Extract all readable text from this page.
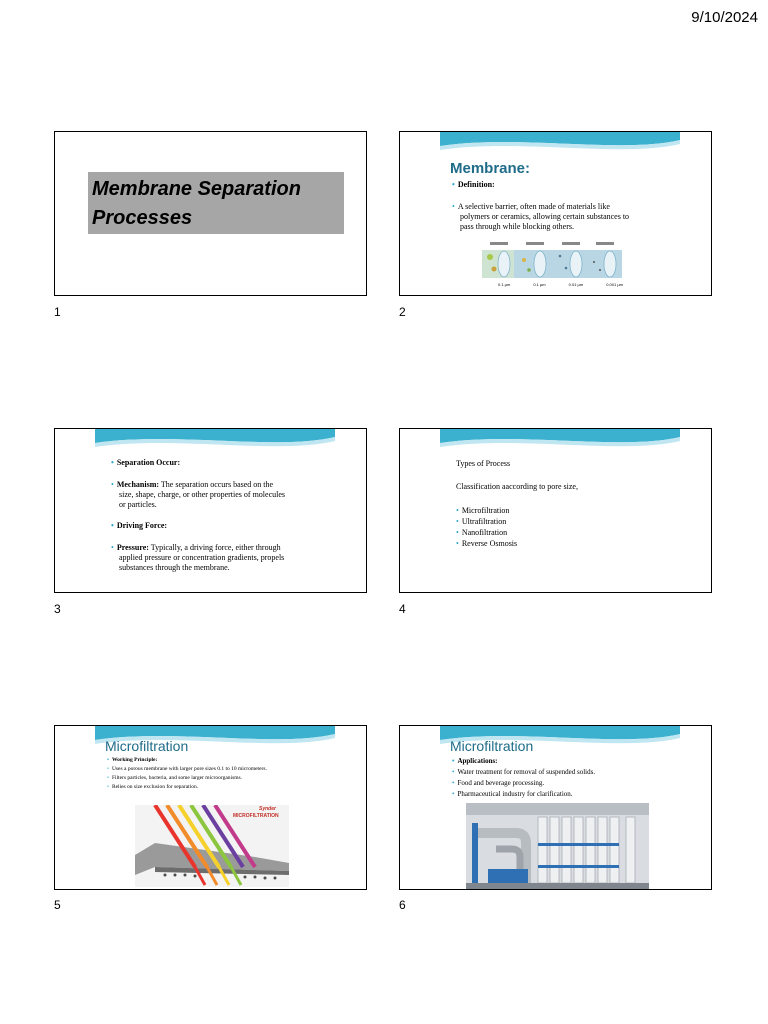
9/10/2024
Membrane Separation
Processes
1
Membrane:
• Definition:
• A selective barrier, often made of materials like
polymers or ceramics, allowing certain substances to
pass through while blocking others.
0.1 µm	0.1 µm	0.01 µm	0.001 µm
2
• Separation Occur:
• Mechanism: The separation occurs based on the
size, shape, charge, or other properties of molecules
or particles.
• Driving Force:
• Pressure: Typically, a driving force, either through
applied pressure or concentration gradients, propels
substances through the membrane.
3
Types of Process
Classification aaccording to pore size,
• Microfiltration
• Ultrafiltration
• Nanofiltration
• Reverse Osmosis
4
Microfiltration
• Working Principle:
• Uses a porous membrane with larger pore sizes 0.1 to 10 micrometers.
• Filters particles, bacteria, and some larger microorganisms.
• Relies on size exclusion for separation.
Synder
MICROFILTRATION
5
Microfiltration
• Applications:
• Water treatment for removal of suspended solids.
• Food and beverage processing.
• Pharmaceutical industry for clarification.
6
